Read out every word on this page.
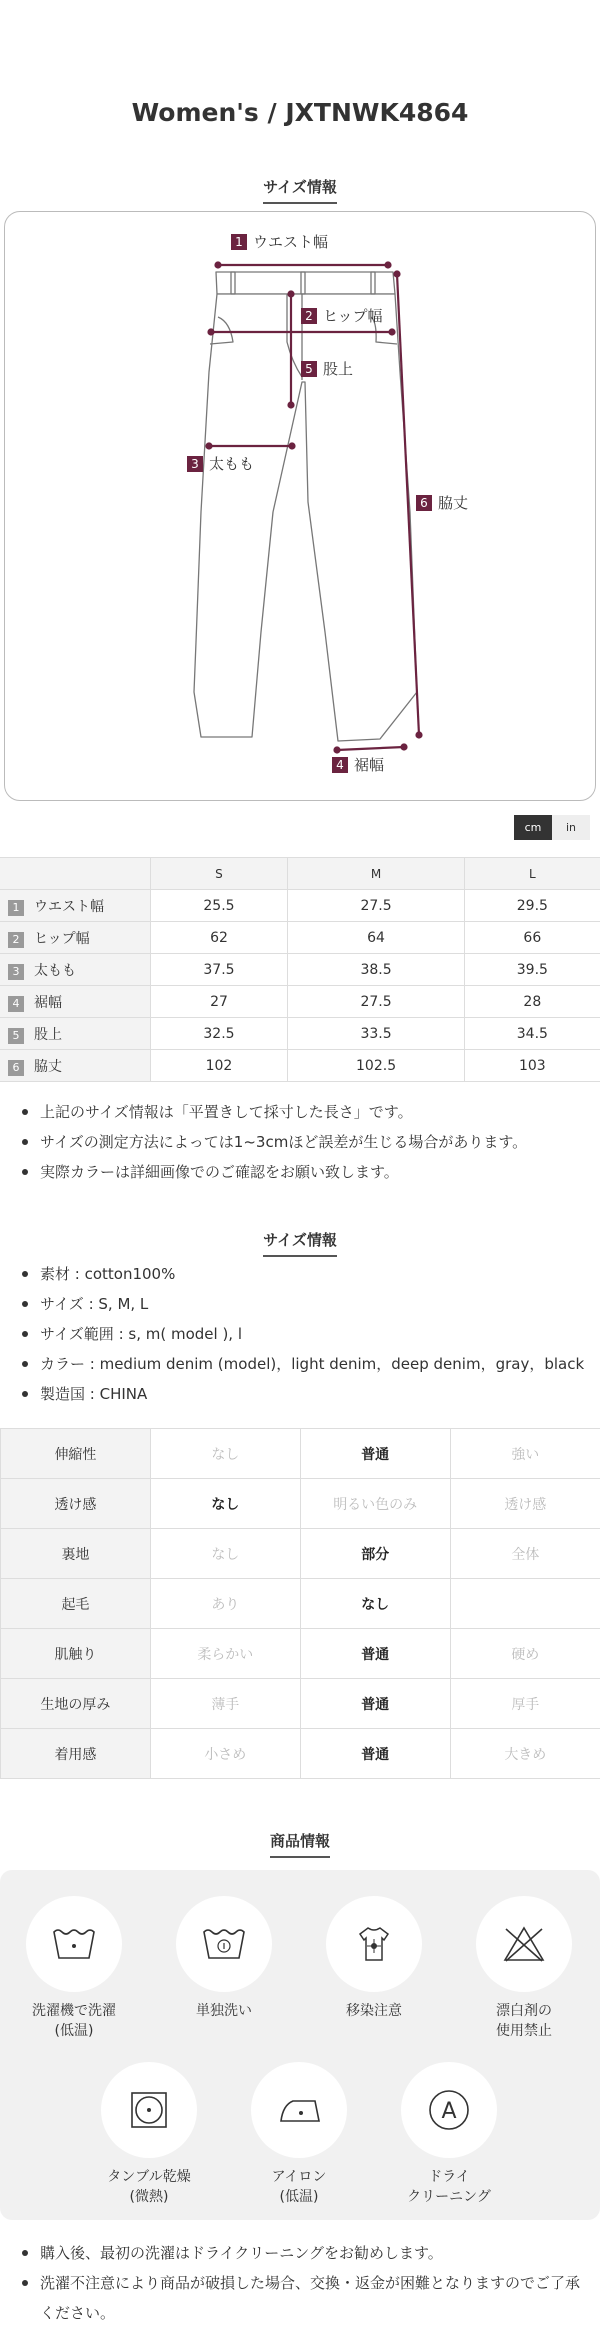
Women's / JXTNWK4864
サイズ情報
1 ウエスト幅
2 ヒップ幅
5 股上
3 太もも
6 脇丈
4 裾幅
cm	in
	S	M	L
1 ウエスト幅	25.5	27.5	29.5
2 ヒップ幅	62	64	66
3 太もも	37.5	38.5	39.5
4 裾幅	27	27.5	28
5 股上	32.5	33.5	34.5
6 脇丈	102	102.5	103
上記のサイズ情報は「平置きして採寸した長さ」です。
サイズの測定方法によっては1~3cmほど誤差が生じる場合があります。
実際カラーは詳細画像でのご確認をお願い致します。
サイズ情報
素材 : cotton100%
サイズ : S, M, L
サイズ範囲 : s, m( model ), l
カラー : medium denim (model)，light denim，deep denim，gray，black
製造国 : CHINA
伸縮性	なし	普通	強い
透け感	なし	明るい色のみ	透け感
裏地	なし	部分	全体
起毛	あり	なし	
肌触り	柔らかい	普通	硬め
生地の厚み	薄手	普通	厚手
着用感	小さめ	普通	大きめ
商品情報
洗濯機で洗濯
(低温)
単独洗い	移染注意	漂白剤の
使用禁止
タンブル乾燥
(微熱)
アイロン
(低温)
A
ドライ
クリーニング
購入後、最初の洗濯はドライクリーニングをお勧めします。
洗濯不注意により商品が破損した場合、交換・返金が困難となりますのでご了承ください。
